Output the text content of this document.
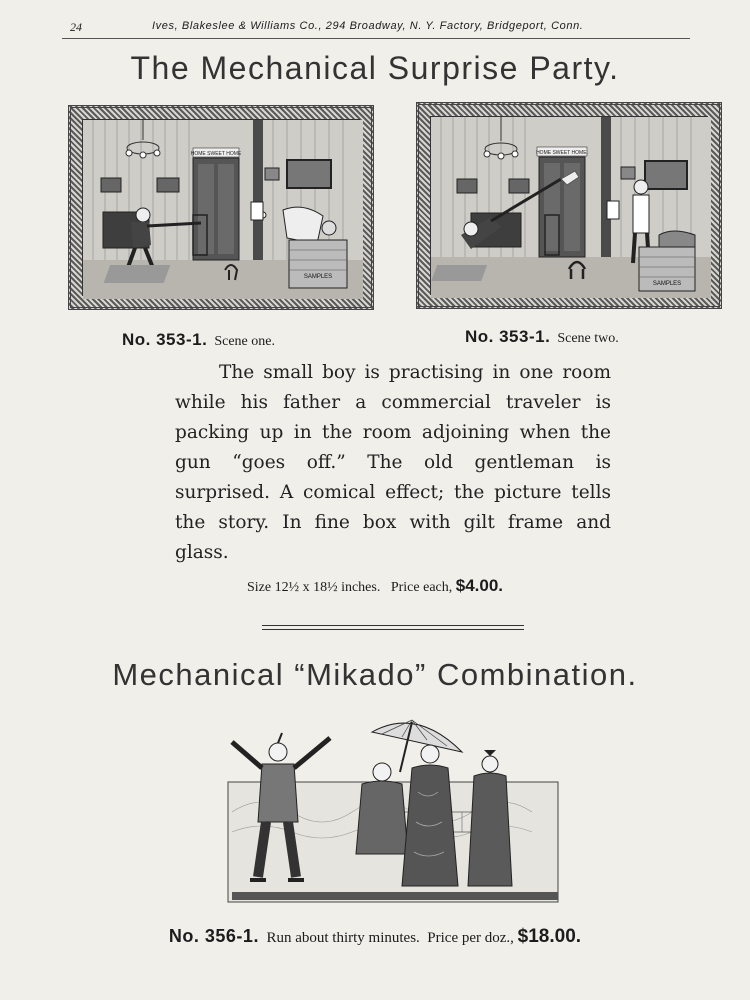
24	Ives, Blakeslee & Williams Co., 294 Broadway, N. Y. Factory, Bridgeport, Conn.
The Mechanical Surprise Party.
HOME SWEET HOME
SAMPLES
No. 353-1. Scene one.
HOME SWEET HOME.
SAMPLES
No. 353-1. Scene two.
The small boy is practising in one room while his father a commercial traveler is packing up in the room adjoining when the gun “goes off.” The old gentleman is surprised. A comical effect; the picture tells the story. In fine box with gilt frame and glass.
Size 12½ x 18½ inches. Price each, $4.00.
Mechanical “Mikado” Combination.
No. 356-1. Run about thirty minutes. Price per doz., $18.00.
